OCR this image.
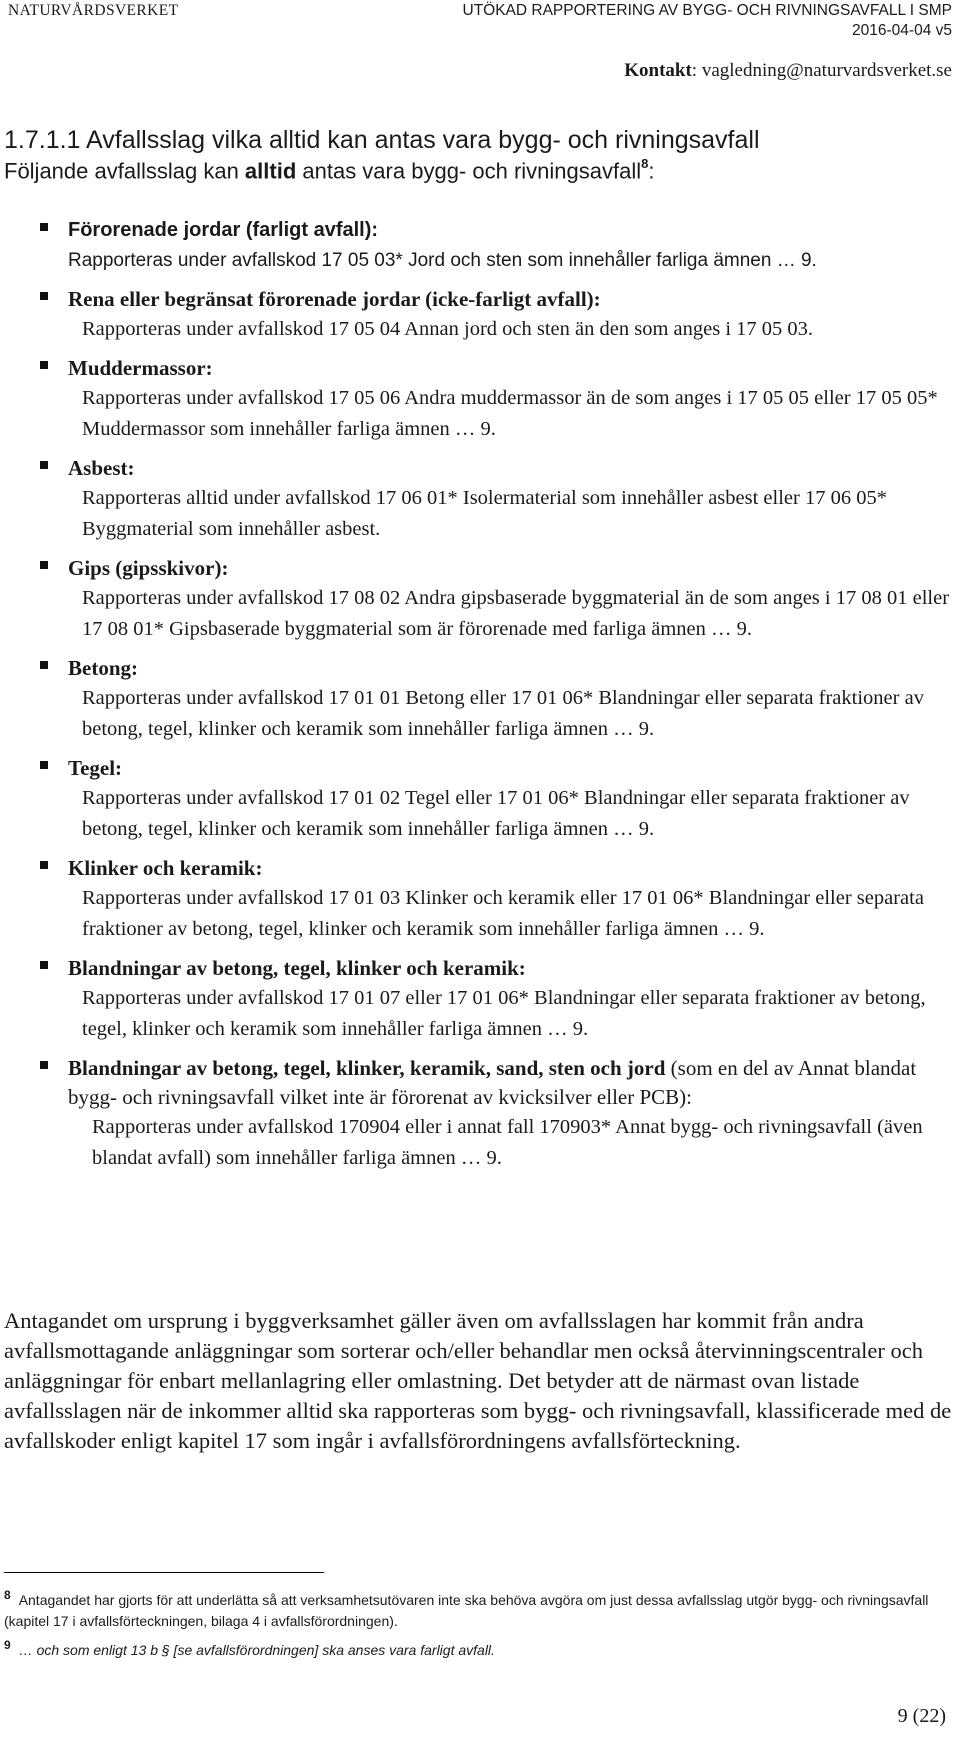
NATURVÅRDSVERKET	UTÖKAD RAPPORTERING AV BYGG- OCH RIVNINGSAVFALL I SMP
2016-04-04 v5
Kontakt: vagledning@naturvardsverket.se
1.7.1.1 Avfallsslag vilka alltid kan antas vara bygg- och rivningsavfall
Följande avfallsslag kan alltid antas vara bygg- och rivningsavfall$^8$:
Förorenade jordar (farligt avfall):
Rapporteras under avfallskod 17 05 03* Jord och sten som innehåller farliga ämnen … 9.
Rena eller begränsat förorenade jordar (icke-farligt avfall):
Rapporteras under avfallskod 17 05 04 Annan jord och sten än den som anges i 17 05 03.
Muddermassor:
Rapporteras under avfallskod 17 05 06 Andra muddermassor än de som anges i 17 05 05 eller 17 05 05* Muddermassor som innehåller farliga ämnen … 9.
Asbest:
Rapporteras alltid under avfallskod 17 06 01* Isolermaterial som innehåller asbest eller 17 06 05* Byggmaterial som innehåller asbest.
Gips (gipsskivor):
Rapporteras under avfallskod 17 08 02 Andra gipsbaserade byggmaterial än de som anges i 17 08 01 eller 17 08 01* Gipsbaserade byggmaterial som är förorenade med farliga ämnen … 9.
Betong:
Rapporteras under avfallskod 17 01 01 Betong eller 17 01 06* Blandningar eller separata fraktioner av betong, tegel, klinker och keramik som innehåller farliga ämnen … 9.
Tegel:
Rapporteras under avfallskod 17 01 02 Tegel eller 17 01 06* Blandningar eller separata fraktioner av betong, tegel, klinker och keramik som innehåller farliga ämnen … 9.
Klinker och keramik:
Rapporteras under avfallskod 17 01 03 Klinker och keramik eller 17 01 06* Blandningar eller separata fraktioner av betong, tegel, klinker och keramik som innehåller farliga ämnen … 9.
Blandningar av betong, tegel, klinker och keramik:
Rapporteras under avfallskod 17 01 07 eller 17 01 06* Blandningar eller separata fraktioner av betong, tegel, klinker och keramik som innehåller farliga ämnen … 9.
Blandningar av betong, tegel, klinker, keramik, sand, sten och jord (som en del av Annat blandat bygg- och rivningsavfall vilket inte är förorenat av kvicksilver eller PCB):
Rapporteras under avfallskod 170904 eller i annat fall 170903* Annat bygg- och rivningsavfall (även blandat avfall) som innehåller farliga ämnen … 9.
Antagandet om ursprung i byggverksamhet gäller även om avfallsslagen har kommit från andra avfallsmottagande anläggningar som sorterar och/eller behandlar men också återvinningscentraler och anläggningar för enbart mellanlagring eller omlastning. Det betyder att de närmast ovan listade avfallsslagen när de inkommer alltid ska rapporteras som bygg- och rivningsavfall, klassificerade med de avfallskoder enligt kapitel 17 som ingår i avfallsförordningens avfallsförteckning.
8 Antagandet har gjorts för att underlätta så att verksamhetsutövaren inte ska behöva avgöra om just dessa avfallsslag utgör bygg- och rivningsavfall (kapitel 17 i avfallsförteckningen, bilaga 4 i avfallsförordningen).
9 … och som enligt 13 b § [se avfallsförordningen] ska anses vara farligt avfall.
9 (22)
